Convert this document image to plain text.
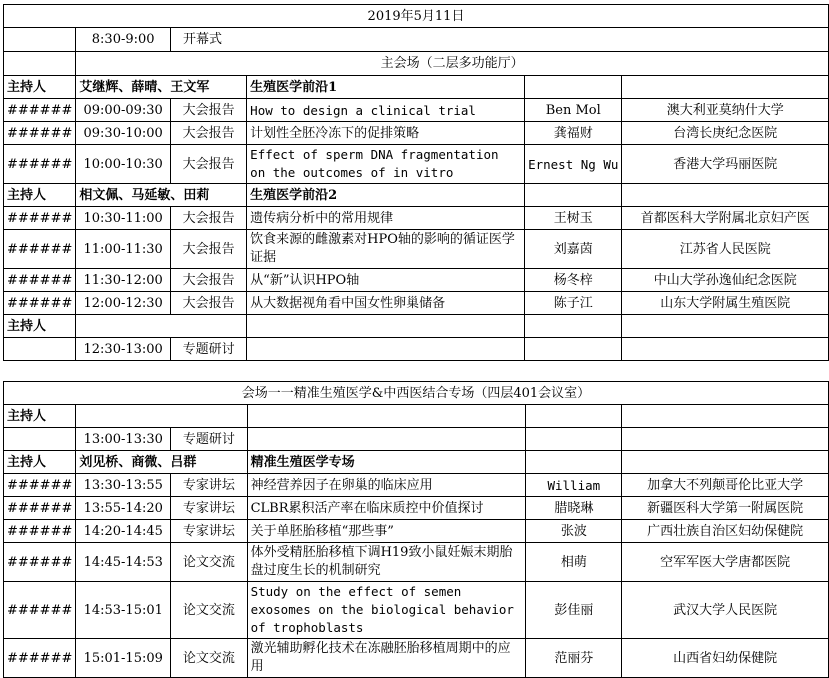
2019年5月11日					
	8:30-9:00	开幕式			
	主会场（二层多功能厅）				
主持人	艾继辉、薛晴、王文军		生殖医学前沿1		
######	09:00-09:30	大会报告	How to design a clinical trial	Ben Mol	澳大利亚莫纳什大学
######	09:30-10:00	大会报告	计划性全胚冷冻下的促排策略	龚福财	台湾长庚纪念医院
######	10:00-10:30	大会报告	Effect of sperm DNA fragmentation on the outcomes of in vitro	Ernest Ng Wu	香港大学玛丽医院
主持人	相文佩、马延敏、田莉		生殖医学前沿2		
######	10:30-11:00	大会报告	遗传病分析中的常用规律	王树玉	首都医科大学附属北京妇产医
######	11:00-11:30	大会报告	饮食来源的雌激素对HPO轴的影响的循证医学证据	刘嘉茵	江苏省人民医院
######	11:30-12:00	大会报告	从“新”认识HPO轴	杨冬梓	中山大学孙逸仙纪念医院
######	12:00-12:30	大会报告	从大数据视角看中国女性卵巢储备	陈子江	山东大学附属生殖医院
主持人					
	12:30-13:00	专题研讨			
会场一一精准生殖医学&中西医结合专场（四层401会议室）					
主持人					
	13:00-13:30	专题研讨			
主持人	刘见桥、商微、吕群		精准生殖医学专场		
######	13:30-13:55	专家讲坛	神经营养因子在卵巢的临床应用	William	加拿大不列颠哥伦比亚大学
######	13:55-14:20	专家讲坛	CLBR累积活产率在临床质控中价值探讨	腊晓琳	新疆医科大学第一附属医院
######	14:20-14:45	专家讲坛	关于单胚胎移植“那些事”	张波	广西壮族自治区妇幼保健院
######	14:45-14:53	论文交流	体外受精胚胎移植下调H19致小鼠妊娠末期胎盘过度生长的机制研究	相萌	空军军医大学唐都医院
######	14:53-15:01	论文交流	Study on the effect of semen exosomes on the biological behavior of trophoblasts	彭佳丽	武汉大学人民医院
######	15:01-15:09	论文交流	激光辅助孵化技术在冻融胚胎移植周期中的应用	范丽芬	山西省妇幼保健院
